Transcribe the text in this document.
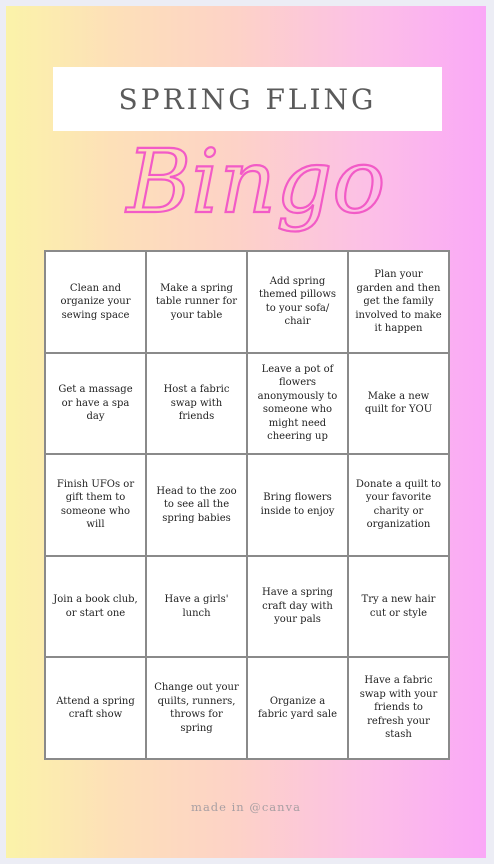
SPRING FLING
Bingo
Clean and organize your sewing space
Make a spring table runner for your table
Add spring themed pillows to your sofa/ chair
Plan your garden and then get the family involved to make it happen
Get a massage or have a spa day
Host a fabric swap with friends
Leave a pot of flowers anonymously to someone who might need cheering up
Make a new quilt for YOU
Finish UFOs or gift them to someone who will
Head to the zoo to see all the spring babies
Bring flowers inside to enjoy
Donate a quilt to your favorite charity or organization
Join a book club, or start one
Have a girls' lunch
Have a spring craft day with your pals
Try a new hair cut or style
Attend a spring craft show
Change out your quilts, runners, throws for spring
Organize a fabric yard sale
Have a fabric swap with your friends to refresh your stash
made in @canva
